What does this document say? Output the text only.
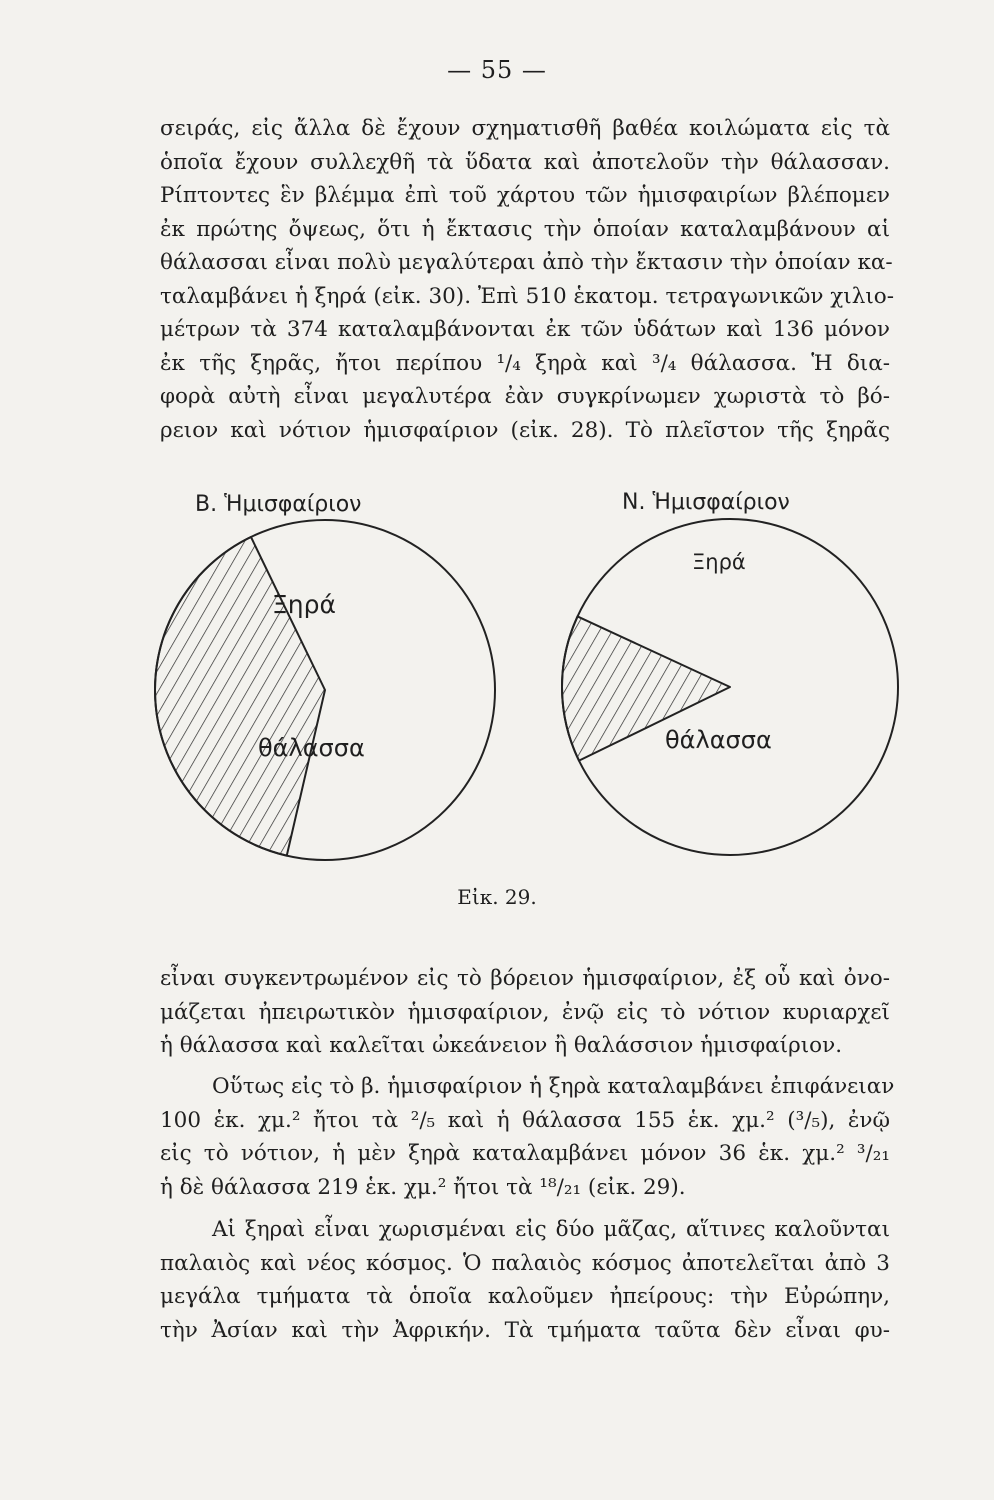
— 55 —
σειράς, εἰς ἄλλα δὲ ἔχουν σχηματισθῆ βαθέα κοιλώματα εἰς τὰ
ὁποῖα ἔχουν συλλεχθῆ τὰ ὕδατα καὶ ἀποτελοῦν τὴν θάλασσαν.
Ρίπτοντες ἓν βλέμμα ἐπὶ τοῦ χάρτου τῶν ἡμισφαιρίων βλέπομεν
ἐκ πρώτης ὄψεως, ὅτι ἡ ἔκτασις τὴν ὁποίαν καταλαμβάνουν αἱ
θάλασσαι εἶναι πολὺ μεγαλύτεραι ἀπὸ τὴν ἔκτασιν τὴν ὁποίαν κα-
ταλαμβάνει ἡ ξηρά (εἰκ. 30). Ἐπὶ 510 ἑκατομ. τετραγωνικῶν χιλιο-
μέτρων τὰ 374 καταλαμβάνονται ἐκ τῶν ὑδάτων καὶ 136 μόνον
ἐκ τῆς ξηρᾶς, ἤτοι περίπου ¹/₄ ξηρὰ καὶ ³/₄ θάλασσα. Ἡ δια-
φορὰ αὐτὴ εἶναι μεγαλυτέρα ἐὰν συγκρίνωμεν χωριστὰ τὸ βό-
ρειον καὶ νότιον ἡμισφαίριον (εἰκ. 28). Τὸ πλεῖστον τῆς ξηρᾶς
Β. Ἡμισφαίριον	Ν. Ἡμισφαίριον
Ξηρά
θάλασσα
Ξηρά
θάλασσα
Εἰκ. 29.
εἶναι συγκεντρωμένον εἰς τὸ βόρειον ἡμισφαίριον, ἐξ οὗ καὶ ὀνο-
μάζεται ἠπειρωτικὸν ἡμισφαίριον, ἐνῷ εἰς τὸ νότιον κυριαρχεῖ
ἡ θάλασσα καὶ καλεῖται ὠκεάνειον ἢ θαλάσσιον ἡμισφαίριον.
Οὕτως εἰς τὸ β. ἡμισφαίριον ἡ ξηρὰ καταλαμβάνει ἐπιφάνειαν
100 ἑκ. χμ.² ἤτοι τὰ ²/₅ καὶ ἡ θάλασσα 155 ἑκ. χμ.² (³/₅), ἐνῷ
εἰς τὸ νότιον, ἡ μὲν ξηρὰ καταλαμβάνει μόνον 36 ἑκ. χμ.² ³/₂₁
ἡ δὲ θάλασσα 219 ἑκ. χμ.² ἤτοι τὰ ¹⁸/₂₁ (εἰκ. 29).
Αἱ ξηραὶ εἶναι χωρισμέναι εἰς δύο μᾶζας, αἵτινες καλοῦνται
παλαιὸς καὶ νέος κόσμος. Ὁ παλαιὸς κόσμος ἀποτελεῖται ἀπὸ 3
μεγάλα τμήματα τὰ ὁποῖα καλοῦμεν ἠπείρους: τὴν Εὐρώπην,
τὴν Ἀσίαν καὶ τὴν Ἀφρικήν. Τὰ τμήματα ταῦτα δὲν εἶναι φυ-
